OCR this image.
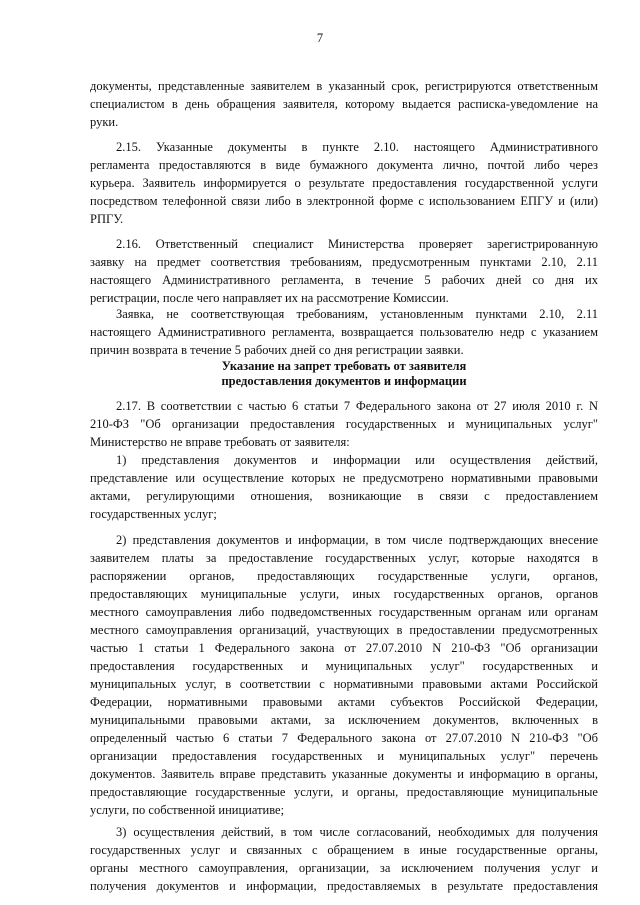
7
документы, представленные заявителем в указанный срок, регистрируются ответственным
специалистом в день обращения заявителя, которому выдается расписка-уведомление на
руки.
2.15. Указанные документы в пункте 2.10. настоящего Административного
регламента предоставляются в виде бумажного документа лично, почтой либо через
курьера. Заявитель информируется о результате предоставления государственной услуги
посредством телефонной связи либо в электронной форме с использованием ЕПГУ и (или)
РПГУ.
2.16. Ответственный специалист Министерства проверяет зарегистрированную
заявку на предмет соответствия требованиям, предусмотренным пунктами 2.10, 2.11
настоящего Административного регламента, в течение 5 рабочих дней со дня их
регистрации, после чего направляет их на рассмотрение Комиссии.
Заявка, не соответствующая требованиям, установленным пунктами 2.10, 2.11
настоящего Административного регламента, возвращается пользователю недр с указанием
причин возврата в течение 5 рабочих дней со дня регистрации заявки.
Указание на запрет требовать от заявителя
предоставления документов и информации
2.17. В соответствии с частью 6 статьи 7 Федерального закона от 27 июля 2010 г. N
210-ФЗ "Об организации предоставления государственных и муниципальных услуг"
Министерство не вправе требовать от заявителя:
1) представления документов и информации или осуществления действий,
представление или осуществление которых не предусмотрено нормативными правовыми
актами, регулирующими отношения, возникающие в связи с предоставлением
государственных услуг;
2) представления документов и информации, в том числе подтверждающих внесение
заявителем платы за предоставление государственных услуг, которые находятся в
распоряжении органов, предоставляющих государственные услуги, органов,
предоставляющих муниципальные услуги, иных государственных органов, органов
местного самоуправления либо подведомственных государственным органам или органам
местного самоуправления организаций, участвующих в предоставлении предусмотренных
частью 1 статьи 1 Федерального закона от 27.07.2010 N 210-ФЗ "Об организации
предоставления государственных и муниципальных услуг" государственных и
муниципальных услуг, в соответствии с нормативными правовыми актами Российской
Федерации, нормативными правовыми актами субъектов Российской Федерации,
муниципальными правовыми актами, за исключением документов, включенных в
определенный частью 6 статьи 7 Федерального закона от 27.07.2010 N 210-ФЗ "Об
организации предоставления государственных и муниципальных услуг" перечень
документов. Заявитель вправе представить указанные документы и информацию в органы,
предоставляющие государственные услуги, и органы, предоставляющие муниципальные
услуги, по собственной инициативе;
3) осуществления действий, в том числе согласований, необходимых для получения
государственных услуг и связанных с обращением в иные государственные органы,
органы местного самоуправления, организации, за исключением получения услуг и
получения документов и информации, предоставляемых в результате предоставления
